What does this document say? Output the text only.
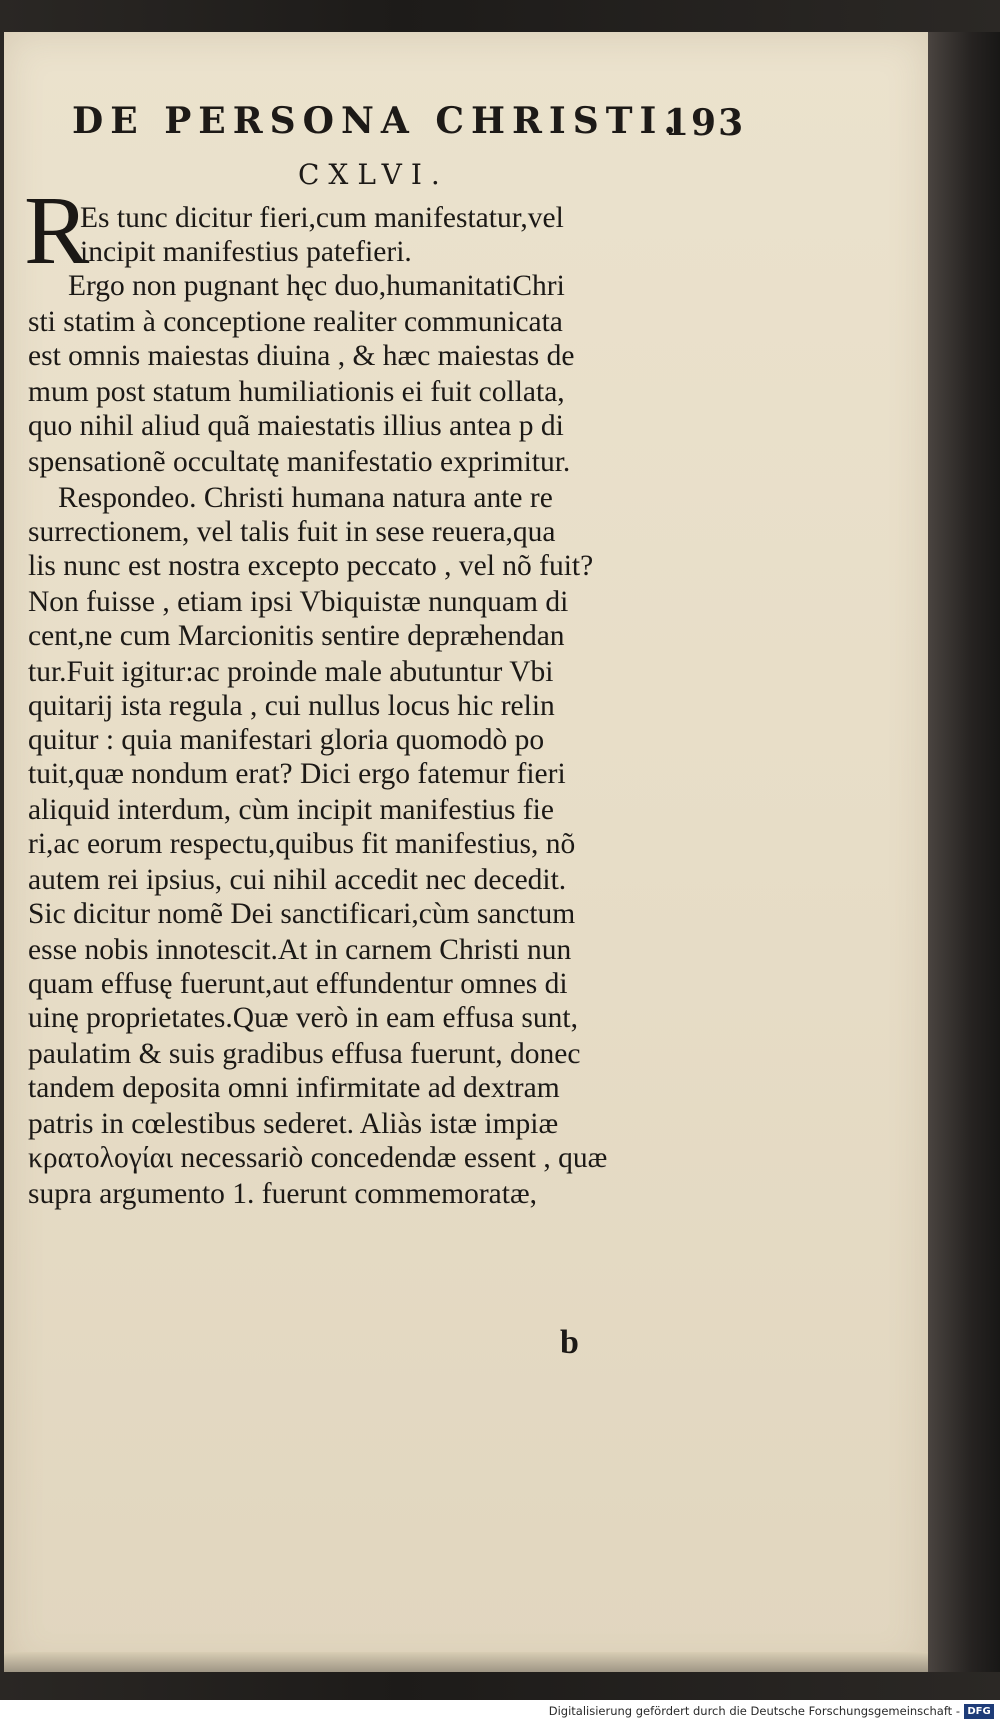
DE PERSONA CHRISTI.
193
CXLVI.
R
Es tunc dicitur fieri,cum manifestatur,vel
incipit manifestius patefieri.
Ergo non pugnant hęc duo,humanitatiChri
sti statim à conceptione realiter communicata
est omnis maiestas diuina , & hæc maiestas de
mum post statum humiliationis ei fuit collata,
quo nihil aliud quã maiestatis illius antea p di
spensationẽ occultatę manifestatio exprimitur.
Respondeo. Christi humana natura ante re
surrectionem, vel talis fuit in sese reuera,qua
lis nunc est nostra excepto peccato , vel nõ fuit?
Non fuisse , etiam ipsi Vbiquistæ nunquam di
cent,ne cum Marcionitis sentire depræhendan
tur.Fuit igitur:ac proinde male abutuntur Vbi
quitarij ista regula , cui nullus locus hic relin
quitur : quia manifestari gloria quomodò po
tuit,quæ nondum erat? Dici ergo fatemur fieri
aliquid interdum, cùm incipit manifestius fie
ri,ac eorum respectu,quibus fit manifestius, nõ
autem rei ipsius, cui nihil accedit nec decedit.
Sic dicitur nomẽ Dei sanctificari,cùm sanctum
esse nobis innotescit.At in carnem Christi nun
quam effusę fuerunt,aut effundentur omnes di
uinę proprietates.Quæ verò in eam effusa sunt,
paulatim & suis gradibus effusa fuerunt, donec
tandem deposita omni infirmitate ad dextram
patris in cœlestibus sederet. Aliàs istæ impiæ
κρατολογίαι necessariò concedendæ essent , quæ
supra argumento 1. fuerunt commemoratæ,
b
Digitalisierung gefördert durch die Deutsche Forschungsgemeinschaft - DFG
